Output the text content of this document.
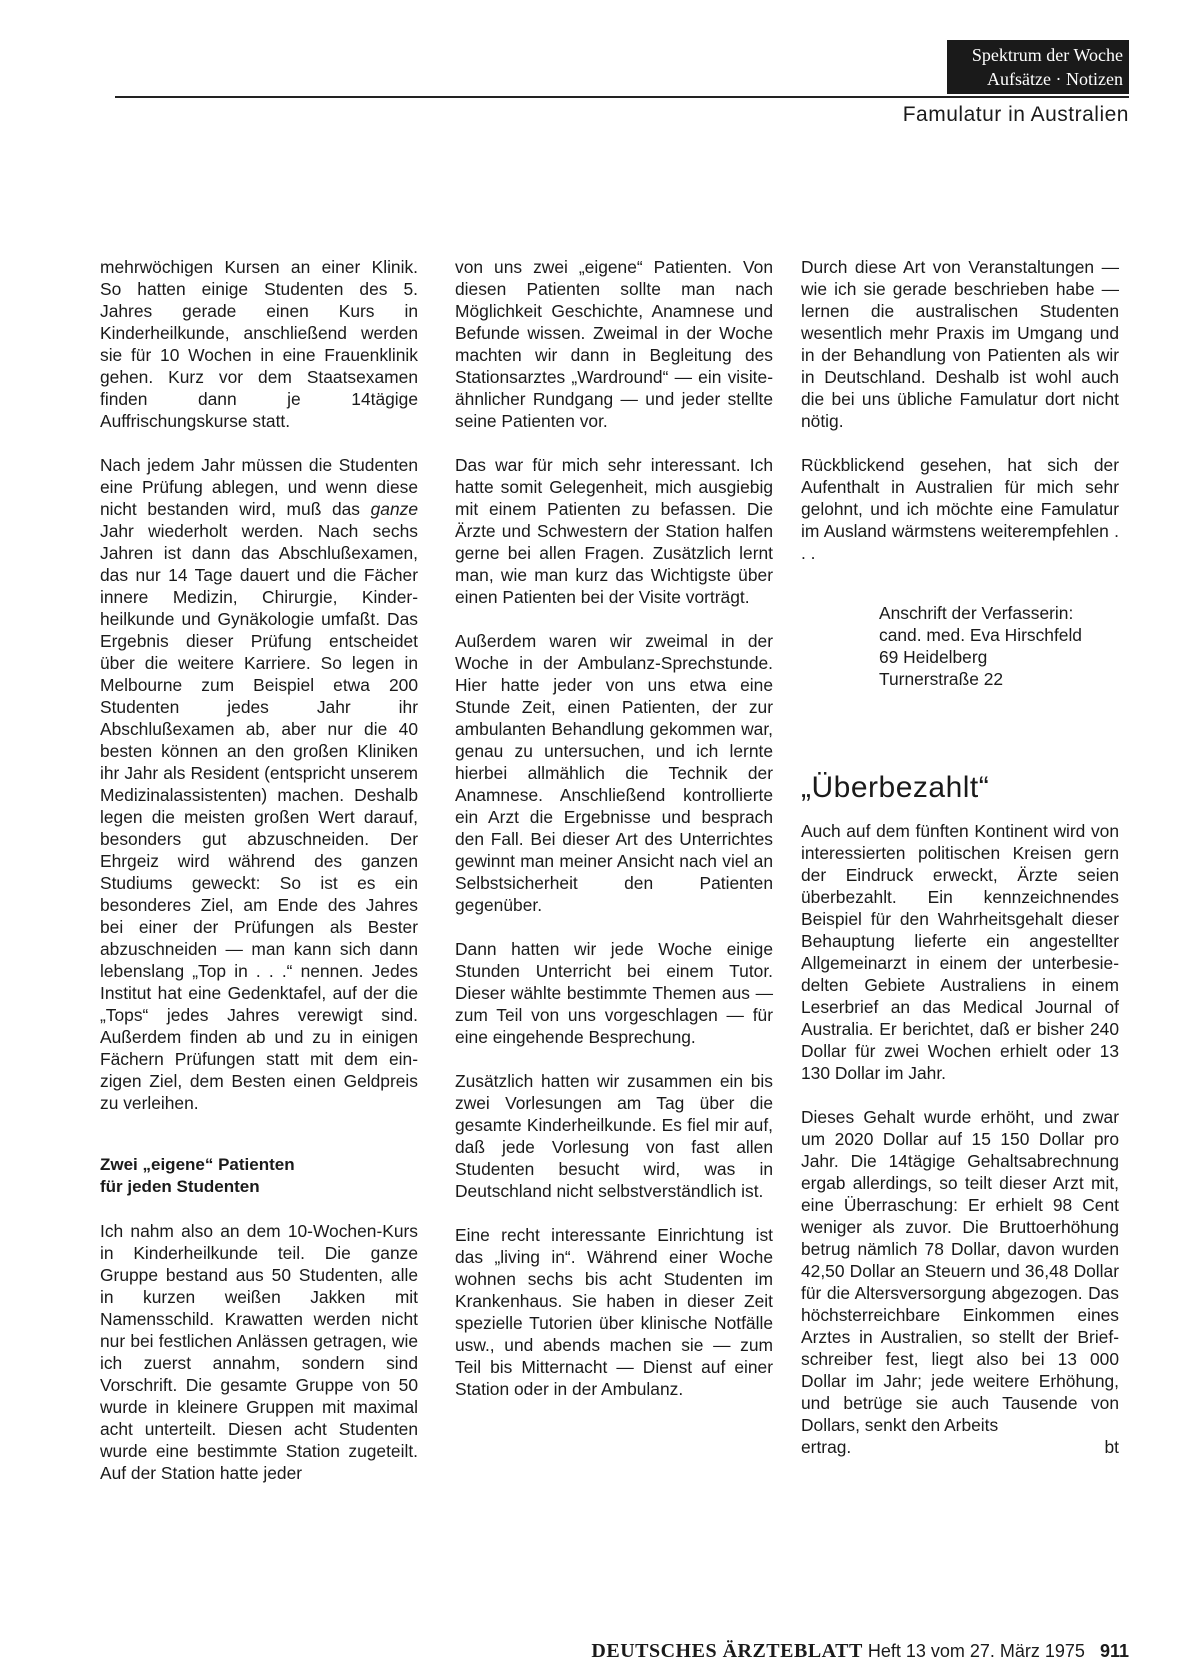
Spektrum der Woche
Aufsätze · Notizen
Famulatur in Australien

mehrwöchigen Kursen an einer Klinik. So hatten einige Studenten des 5. Jahres gerade einen Kurs in Kinderheilkunde, anschließend werden sie für 10 Wochen in eine Frauenklinik gehen. Kurz vor dem Staatsexamen finden dann je 14tägige Auffrischungskurse statt.

Nach jedem Jahr müssen die Studenten eine Prüfung ablegen, und wenn diese nicht bestanden wird, muß das ganze Jahr wiederholt werden. Nach sechs Jahren ist dann das Abschlußexamen, das nur 14 Tage dauert und die Fächer innere Medizin, Chirurgie, Kinderheilkunde und Gynäkologie umfaßt. Das Ergebnis dieser Prüfung entscheidet über die weitere Karriere. So legen in Melbourne zum Beispiel etwa 200 Studenten jedes Jahr ihr Abschlußexamen ab, aber nur die 40 besten können an den großen Kliniken ihr Jahr als Resident (entspricht unserem Medizinalassistenten) machen. Deshalb legen die meisten großen Wert darauf, besonders gut abzuschneiden. Der Ehrgeiz wird während des ganzen Studiums geweckt: So ist es ein besonderes Ziel, am Ende des Jahres bei einer der Prüfungen als Bester abzuschneiden — man kann sich dann lebenslang „Top in . . .“ nennen. Jedes Institut hat eine Gedenktafel, auf der die „Tops“ jedes Jahres verewigt sind. Außerdem finden ab und zu in einigen Fächern Prüfungen statt mit dem einzigen Ziel, dem Besten einen Geldpreis zu verleihen.

Zwei „eigene“ Patienten
für jeden Studenten

Ich nahm also an dem 10-Wochen-Kurs in Kinderheilkunde teil. Die ganze Gruppe bestand aus 50 Studenten, alle in kurzen weißen Jakken mit Namensschild. Krawatten werden nicht nur bei festlichen Anlässen getragen, wie ich zuerst annahm, sondern sind Vorschrift. Die gesamte Gruppe von 50 wurde in kleinere Gruppen mit maximal acht unterteilt. Diesen acht Studenten wurde eine bestimmte Station zugeteilt. Auf der Station hatte jeder

von uns zwei „eigene“ Patienten. Von diesen Patienten sollte man nach Möglichkeit Geschichte, Anamnese und Befunde wissen. Zweimal in der Woche machten wir dann in Begleitung des Stationsarztes „Wardround“ — ein visiteähnlicher Rundgang — und jeder stellte seine Patienten vor.

Das war für mich sehr interessant. Ich hatte somit Gelegenheit, mich ausgiebig mit einem Patienten zu befassen. Die Ärzte und Schwestern der Station halfen gerne bei allen Fragen. Zusätzlich lernt man, wie man kurz das Wichtigste über einen Patienten bei der Visite vorträgt.

Außerdem waren wir zweimal in der Woche in der Ambulanz-Sprechstunde. Hier hatte jeder von uns etwa eine Stunde Zeit, einen Patienten, der zur ambulanten Behandlung gekommen war, genau zu untersuchen, und ich lernte hierbei allmählich die Technik der Anamnese. Anschließend kontrollierte ein Arzt die Ergebnisse und besprach den Fall. Bei dieser Art des Unterrichtes gewinnt man meiner Ansicht nach viel an Selbstsicherheit den Patienten gegenüber.

Dann hatten wir jede Woche einige Stunden Unterricht bei einem Tutor. Dieser wählte bestimmte Themen aus — zum Teil von uns vorgeschlagen — für eine eingehende Besprechung.

Zusätzlich hatten wir zusammen ein bis zwei Vorlesungen am Tag über die gesamte Kinderheilkunde. Es fiel mir auf, daß jede Vorlesung von fast allen Studenten besucht wird, was in Deutschland nicht selbstverständlich ist.

Eine recht interessante Einrichtung ist das „living in“. Während einer Woche wohnen sechs bis acht Studenten im Krankenhaus. Sie haben in dieser Zeit spezielle Tutorien über klinische Notfälle usw., und abends machen sie — zum Teil bis Mitternacht — Dienst auf einer Station oder in der Ambulanz.

Durch diese Art von Veranstaltungen — wie ich sie gerade beschrieben habe — lernen die australischen Studenten wesentlich mehr Praxis im Umgang und in der Behandlung von Patienten als wir in Deutschland. Deshalb ist wohl auch die bei uns übliche Famulatur dort nicht nötig.

Rückblickend gesehen, hat sich der Aufenthalt in Australien für mich sehr gelohnt, und ich möchte eine Famulatur im Ausland wärmstens weiterempfehlen . . .

Anschrift der Verfasserin:
cand. med. Eva Hirschfeld
69 Heidelberg
Turnerstraße 22
„Überbezahlt“

Auch auf dem fünften Kontinent wird von interessierten politischen Kreisen gern der Eindruck erweckt, Ärzte seien überbezahlt. Ein kennzeichnendes Beispiel für den Wahrheitsgehalt dieser Behauptung lieferte ein angestellter Allgemeinarzt in einem der unterbesiedelten Gebiete Australiens in einem Leserbrief an das Medical Journal of Australia. Er berichtet, daß er bisher 240 Dollar für zwei Wochen erhielt oder 13 130 Dollar im Jahr.

Dieses Gehalt wurde erhöht, und zwar um 2020 Dollar auf 15 150 Dollar pro Jahr. Die 14tägige Gehaltsabrechnung ergab allerdings, so teilt dieser Arzt mit, eine Überraschung: Er erhielt 98 Cent weniger als zuvor. Die Bruttoerhöhung betrug nämlich 78 Dollar, davon wurden 42,50 Dollar an Steuern und 36,48 Dollar für die Altersversorgung abgezogen. Das höchsterreichbare Einkommen eines Arztes in Australien, so stellt der Briefschreiber fest, liegt also bei 13 000 Dollar im Jahr; jede weitere Erhöhung, und betrüge sie auch Tausende von Dollars, senkt den Arbeits

ertrag.	bt
DEUTSCHES ÄRZTEBLATT Heft 13 vom 27. März 1975 911
